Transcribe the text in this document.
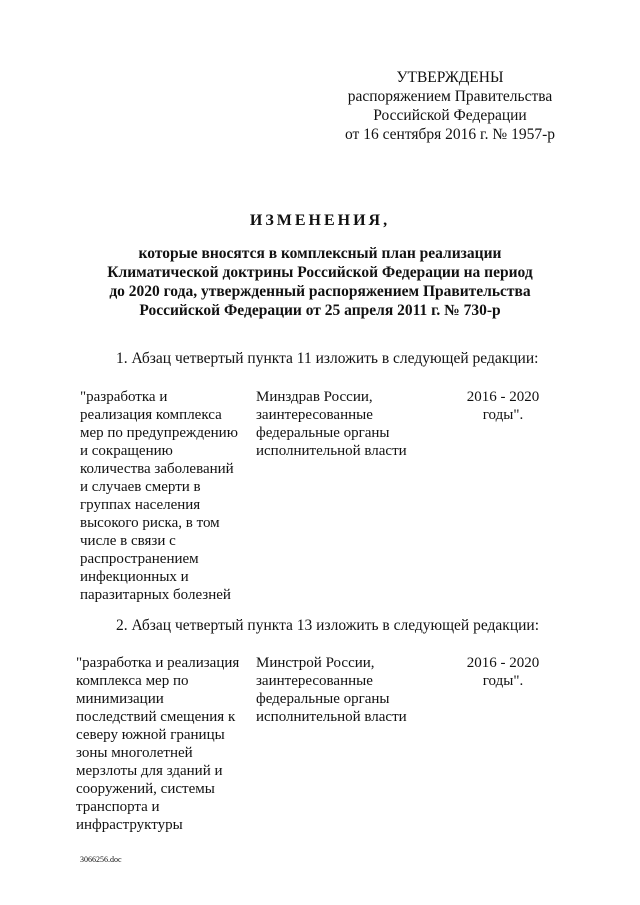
УТВЕРЖДЕНЫ
распоряжением Правительства
Российской Федерации
от 16 сентября 2016 г. № 1957-р
ИЗМЕНЕНИЯ,
которые вносятся в комплексный план реализации
Климатической доктрины Российской Федерации на период
до 2020 года, утвержденный распоряжением Правительства
Российской Федерации от 25 апреля 2011 г. № 730-р
1. Абзац четвертый пункта 11 изложить в следующей редакции:
"разработка и
реализация комплекса
мер по предупреждению
и сокращению
количества заболеваний
и случаев смерти в
группах населения
высокого риска, в том
числе в связи с
распространением
инфекционных и
паразитарных болезней
Минздрав России,
заинтересованные
федеральные органы
исполнительной власти
2016 - 2020
годы".
2. Абзац четвертый пункта 13 изложить в следующей редакции:
"разработка и реализация
комплекса мер по
минимизации
последствий смещения к
северу южной границы
зоны многолетней
мерзлоты для зданий и
сооружений, системы
транспорта и
инфраструктуры
Минстрой России,
заинтересованные
федеральные органы
исполнительной власти
2016 - 2020
годы".
3066256.doc
